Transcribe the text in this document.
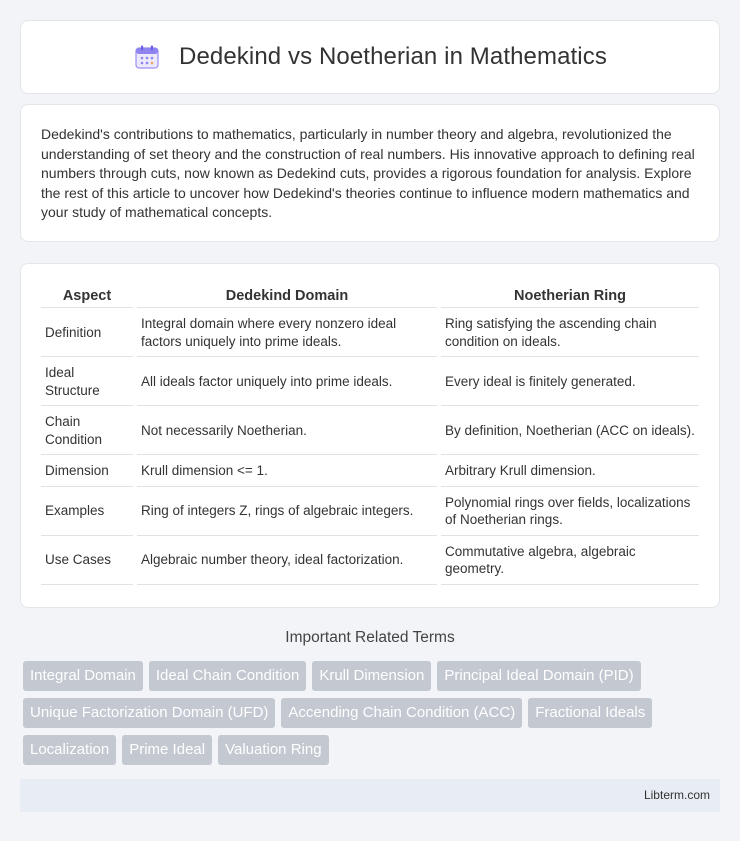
Dedekind vs Noetherian in Mathematics

Dedekind's contributions to mathematics, particularly in number theory and algebra, revolutionized the understanding of set theory and the construction of real numbers. His innovative approach to defining real numbers through cuts, now known as Dedekind cuts, provides a rigorous foundation for analysis. Explore the rest of this article to uncover how Dedekind's theories continue to influence modern mathematics and your study of mathematical concepts.

Aspect	Dedekind Domain	Noetherian Ring
Definition	Integral domain where every nonzero ideal factors uniquely into prime ideals.	Ring satisfying the ascending chain condition on ideals.
Ideal Structure	All ideals factor uniquely into prime ideals.	Every ideal is finitely generated.
Chain Condition	Not necessarily Noetherian.	By definition, Noetherian (ACC on ideals).
Dimension	Krull dimension <= 1.	Arbitrary Krull dimension.
Examples	Ring of integers Z, rings of algebraic integers.	Polynomial rings over fields, localizations of Noetherian rings.
Use Cases	Algebraic number theory, ideal factorization.	Commutative algebra, algebraic geometry.
Important Related Terms
Integral Domain	Ideal Chain Condition	Krull Dimension	Principal Ideal Domain (PID)
Unique Factorization Domain (UFD)	Accending Chain Condition (ACC)	Fractional Ideals
Localization	Prime Ideal	Valuation Ring
Libterm.com
